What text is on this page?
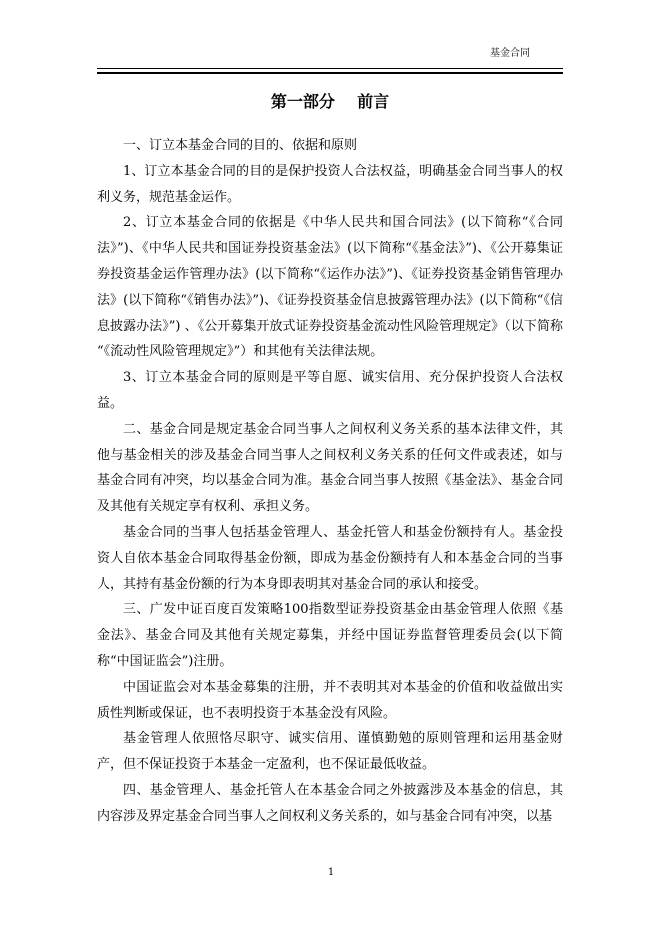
基金合同
第一部分    前言

一、订立本基金合同的目的、依据和原则

1、订立本基金合同的目的是保护投资人合法权益，明确基金合同当事人的权利义务，规范基金运作。

2、订立本基金合同的依据是《中华人民共和国合同法》(以下简称“《合同法》”)、《中华人民共和国证券投资基金法》(以下简称“《基金法》”)、《公开募集证券投资基金运作管理办法》(以下简称“《运作办法》”)、《证券投资基金销售管理办法》(以下简称“《销售办法》”)、《证券投资基金信息披露管理办法》(以下简称“《信息披露办法》”) 、《公开募集开放式证券投资基金流动性风险管理规定》（以下简称 “《流动性风险管理规定》”）和其他有关法律法规。

3、订立本基金合同的原则是平等自愿、诚实信用、充分保护投资人合法权益。

二、基金合同是规定基金合同当事人之间权利义务关系的基本法律文件，其他与基金相关的涉及基金合同当事人之间权利义务关系的任何文件或表述，如与基金合同有冲突，均以基金合同为准。基金合同当事人按照《基金法》、基金合同及其他有关规定享有权利、承担义务。

基金合同的当事人包括基金管理人、基金托管人和基金份额持有人。基金投资人自依本基金合同取得基金份额，即成为基金份额持有人和本基金合同的当事人，其持有基金份额的行为本身即表明其对基金合同的承认和接受。

三、广发中证百度百发策略100指数型证券投资基金由基金管理人依照《基金法》、基金合同及其他有关规定募集，并经中国证券监督管理委员会(以下简称“中国证监会”)注册。

中国证监会对本基金募集的注册，并不表明其对本基金的价值和收益做出实质性判断或保证，也不表明投资于本基金没有风险。

基金管理人依照恪尽职守、诚实信用、谨慎勤勉的原则管理和运用基金财产，但不保证投资于本基金一定盈利，也不保证最低收益。

四、基金管理人、基金托管人在本基金合同之外披露涉及本基金的信息，其内容涉及界定基金合同当事人之间权利义务关系的，如与基金合同有冲突，以基

1
